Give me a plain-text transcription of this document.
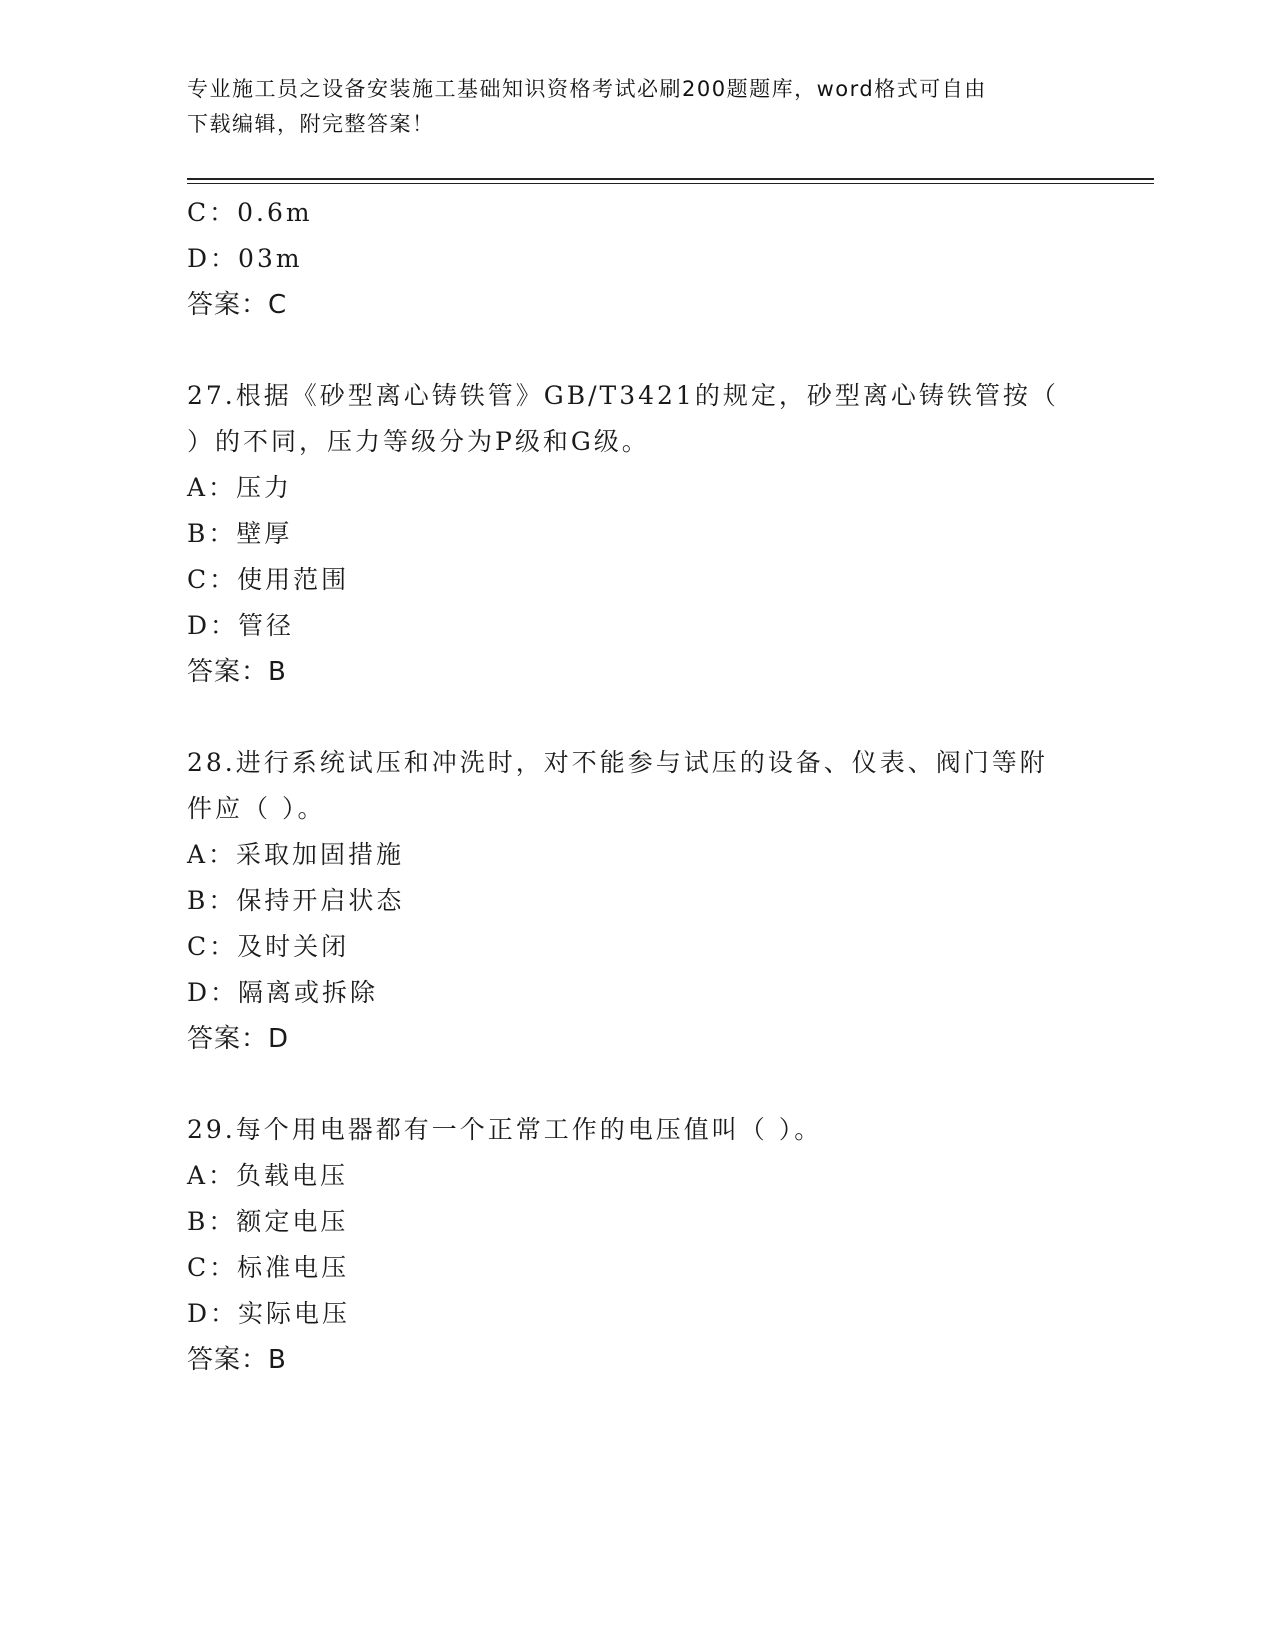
专业施工员之设备安装施工基础知识资格考试必刷200题题库，word格式可自由
下载编辑，附完整答案！
C：0.6m
D：03m
答案：C
27.根据《砂型离心铸铁管》GB/T3421的规定，砂型离心铸铁管按（
）的不同，压力等级分为P级和G级。
A：压力
B：壁厚
C：使用范围
D：管径
答案：B
28.进行系统试压和冲洗时，对不能参与试压的设备、仪表、阀门等附
件应（ ）。
A：采取加固措施
B：保持开启状态
C：及时关闭
D：隔离或拆除
答案：D
29.每个用电器都有一个正常工作的电压值叫（ ）。
A：负载电压
B：额定电压
C：标准电压
D：实际电压
答案：B
